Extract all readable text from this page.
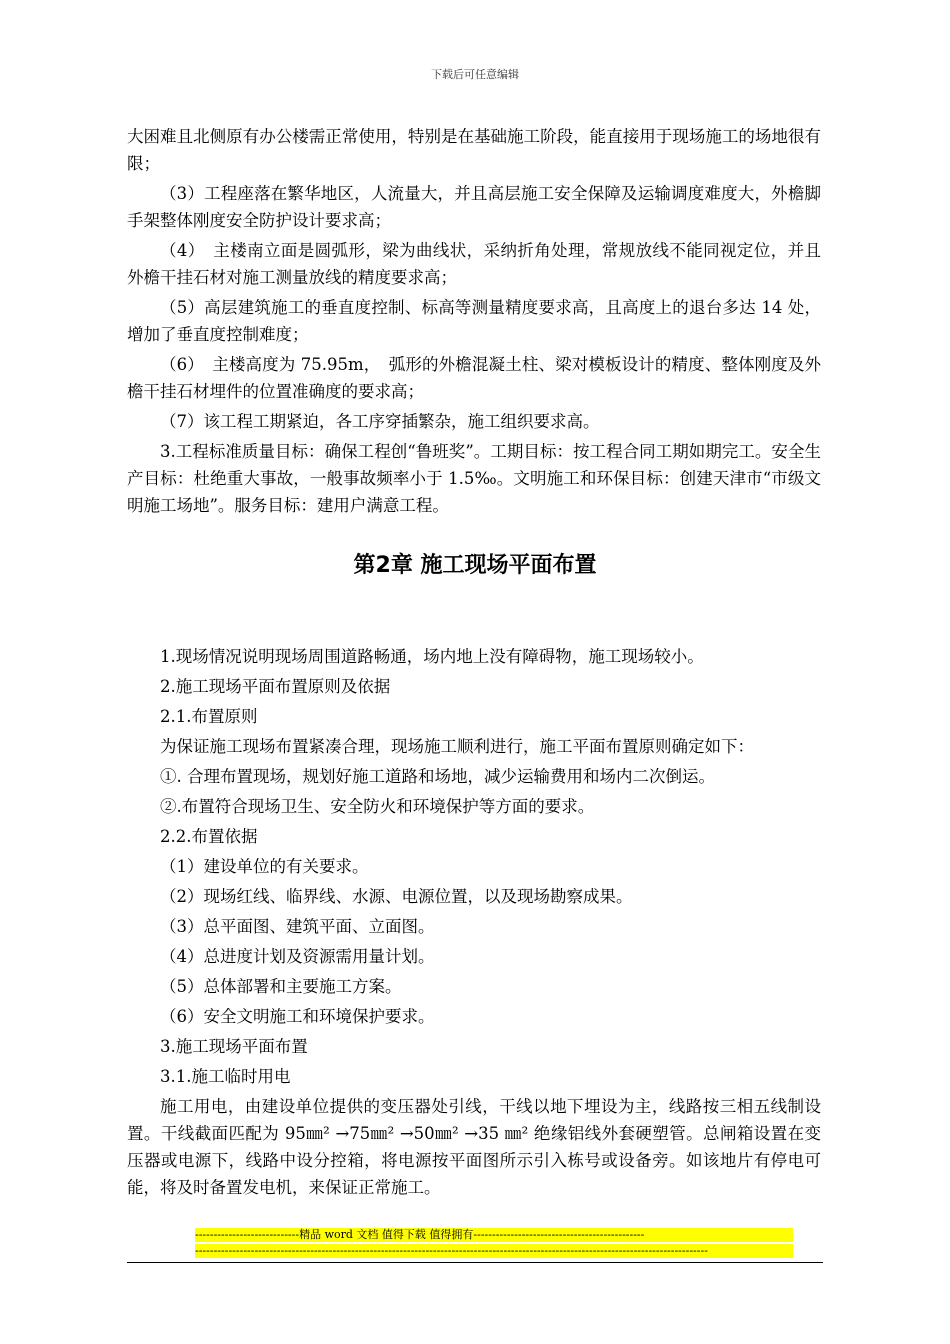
下载后可任意编辑

大困难且北侧原有办公楼需正常使用，特别是在基础施工阶段，能直接用于现场施工的场地很有限；

（3）工程座落在繁华地区，人流量大，并且高层施工安全保障及运输调度难度大，外檐脚手架整体刚度安全防护设计要求高；

（4）　主楼南立面是圆弧形，梁为曲线状，采纳折角处理，常规放线不能同视定位，并且外檐干挂石材对施工测量放线的精度要求高；

（5）高层建筑施工的垂直度控制、标高等测量精度要求高，且高度上的退台多达 14 处，增加了垂直度控制难度；

（6）　主楼高度为 75.95m，　弧形的外檐混凝土柱、梁对模板设计的精度、整体刚度及外檐干挂石材埋件的位置准确度的要求高；

（7）该工程工期紧迫，各工序穿插繁杂，施工组织要求高。

3.工程标准质量目标：确保工程创“鲁班奖”。工期目标：按工程合同工期如期完工。安全生产目标：杜绝重大事故，一般事故频率小于 1.5‰。文明施工和环保目标：创建天津市“市级文明施工场地”。服务目标：建用户满意工程。

第2章 施工现场平面布置

1.现场情况说明现场周围道路畅通，场内地上没有障碍物，施工现场较小。

2.施工现场平面布置原则及依据

2.1.布置原则

为保证施工现场布置紧凑合理，现场施工顺利进行，施工平面布置原则确定如下：

①. 合理布置现场，规划好施工道路和场地，减少运输费用和场内二次倒运。

②.布置符合现场卫生、安全防火和环境保护等方面的要求。

2.2.布置依据

（1）建设单位的有关要求。

（2）现场红线、临界线、水源、电源位置，以及现场勘察成果。

（3）总平面图、建筑平面、立面图。

（4）总进度计划及资源需用量计划。

（5）总体部署和主要施工方案。

（6）安全文明施工和环境保护要求。

3.施工现场平面布置

3.1.施工临时用电

施工用电，由建设单位提供的变压器处引线，干线以地下埋设为主，线路按三相五线制设置。干线截面匹配为 95㎜² →75㎜² →50㎜² →35 ㎜² 绝缘铝线外套硬塑管。总闸箱设置在变压器或电源下，线路中设分控箱，将电源按平面图所示引入栋号或设备旁。如该地片有停电可能，将及时备置发电机，来保证正常施工。

----------------------------精品 word 文档 值得下载 值得拥有----------------------------------------------
------------------------------------------------------------------------------------------------------------------------------------------
